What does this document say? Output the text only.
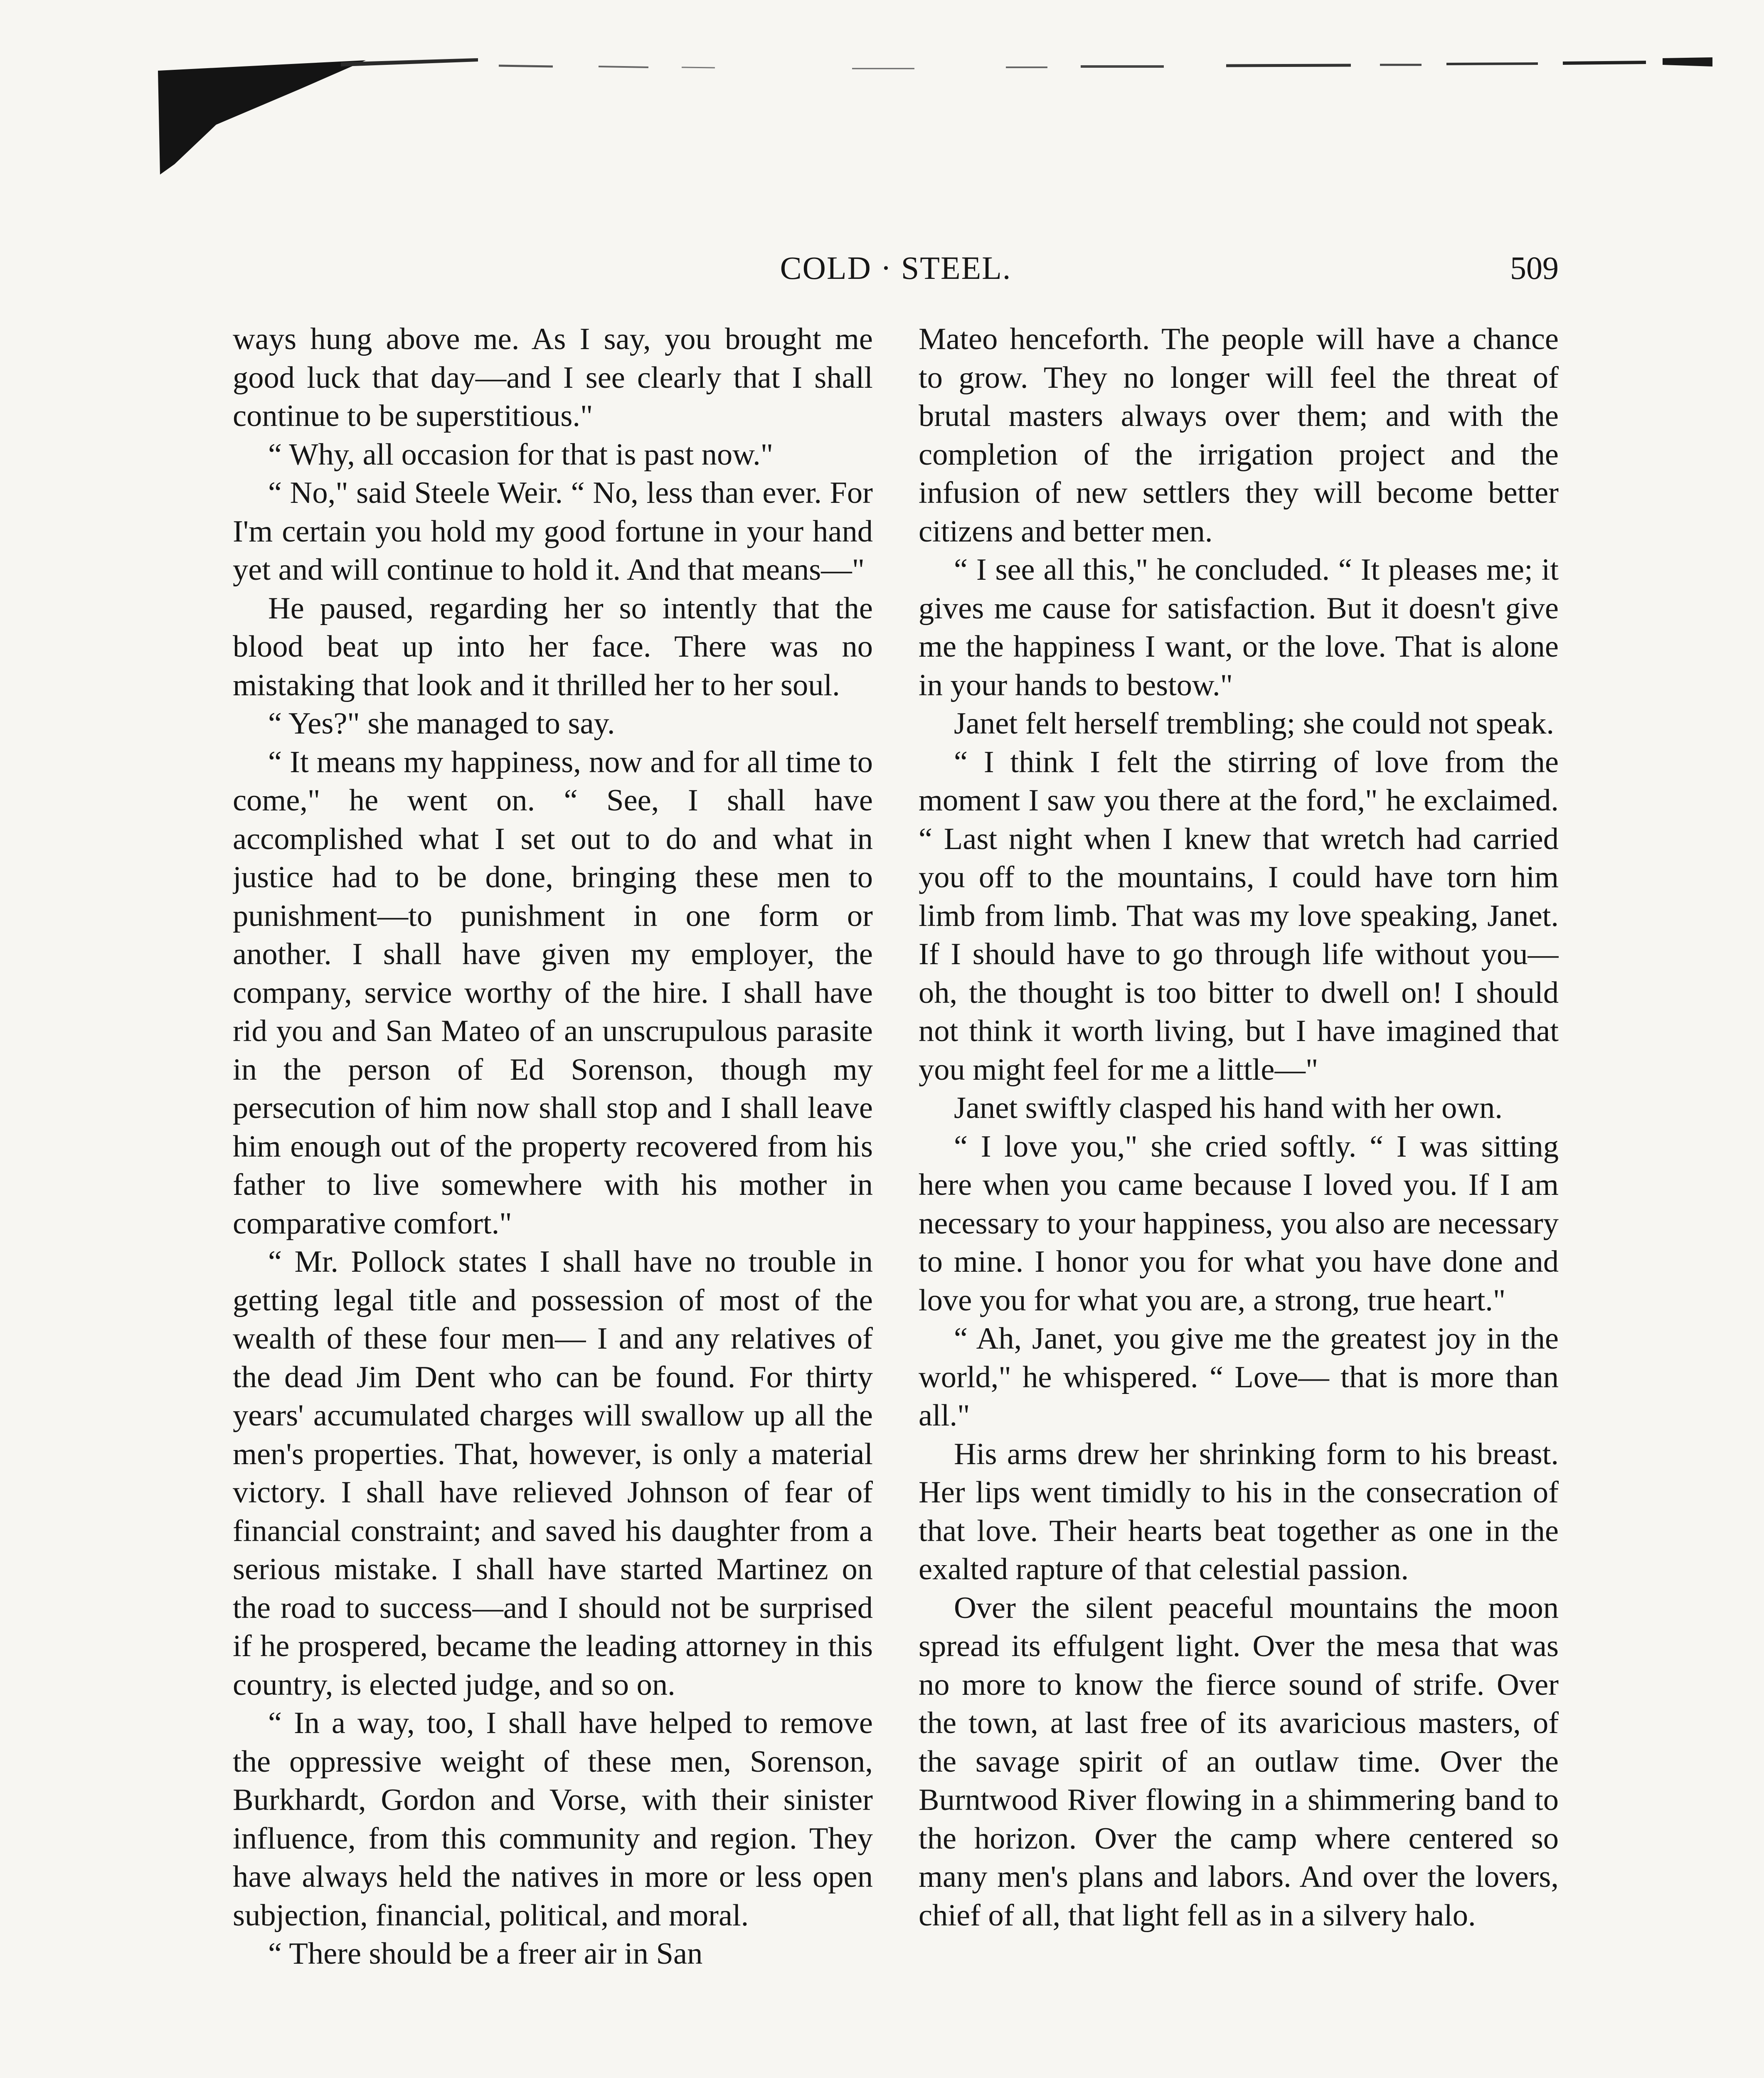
COLD · STEEL.	509

ways hung above me. As I say, you brought me good luck that day—and I see clearly that I shall continue to be superstitious."

“ Why, all occasion for that is past now."

“ No," said Steele Weir. “ No, less than ever. For I'm certain you hold my good fortune in your hand yet and will continue to hold it. And that means—"

He paused, regarding her so intently that the blood beat up into her face. There was no mistaking that look and it thrilled her to her soul.

“ Yes?" she managed to say.

“ It means my happiness, now and for all time to come," he went on. “ See, I shall have accomplished what I set out to do and what in justice had to be done, bringing these men to punishment—to punishment in one form or another. I shall have given my employer, the company, service worthy of the hire. I shall have rid you and San Mateo of an unscrupulous parasite in the person of Ed Sorenson, though my persecution of him now shall stop and I shall leave him enough out of the property recovered from his father to live somewhere with his mother in comparative comfort."

“ Mr. Pollock states I shall have no trouble in getting legal title and possession of most of the wealth of these four men— I and any relatives of the dead Jim Dent who can be found. For thirty years' accumulated charges will swallow up all the men's properties. That, however, is only a material victory. I shall have relieved Johnson of fear of financial constraint; and saved his daughter from a serious mistake. I shall have started Martinez on the road to success—and I should not be surprised if he prospered, became the leading attorney in this country, is elected judge, and so on.

“ In a way, too, I shall have helped to remove the oppressive weight of these men, Sorenson, Burkhardt, Gordon and Vorse, with their sinister influence, from this community and region. They have always held the natives in more or less open subjection, financial, political, and moral.

“ There should be a freer air in San

Mateo henceforth. The people will have a chance to grow. They no longer will feel the threat of brutal masters always over them; and with the completion of the irrigation project and the infusion of new settlers they will become better citizens and better men.

“ I see all this," he concluded. “ It pleases me; it gives me cause for satisfaction. But it doesn't give me the happiness I want, or the love. That is alone in your hands to bestow."

Janet felt herself trembling; she could not speak.

“ I think I felt the stirring of love from the moment I saw you there at the ford," he exclaimed. “ Last night when I knew that wretch had carried you off to the mountains, I could have torn him limb from limb. That was my love speaking, Janet. If I should have to go through life without you—oh, the thought is too bitter to dwell on! I should not think it worth living, but I have imagined that you might feel for me a little—"

Janet swiftly clasped his hand with her own.

“ I love you," she cried softly. “ I was sitting here when you came because I loved you. If I am necessary to your happiness, you also are necessary to mine. I honor you for what you have done and love you for what you are, a strong, true heart."

“ Ah, Janet, you give me the greatest joy in the world," he whispered. “ Love— that is more than all."

His arms drew her shrinking form to his breast. Her lips went timidly to his in the consecration of that love. Their hearts beat together as one in the exalted rapture of that celestial passion.

Over the silent peaceful mountains the moon spread its effulgent light. Over the mesa that was no more to know the fierce sound of strife. Over the town, at last free of its avaricious masters, of the savage spirit of an outlaw time. Over the Burntwood River flowing in a shimmering band to the horizon. Over the camp where centered so many men's plans and labors. And over the lovers, chief of all, that light fell as in a silvery halo.
